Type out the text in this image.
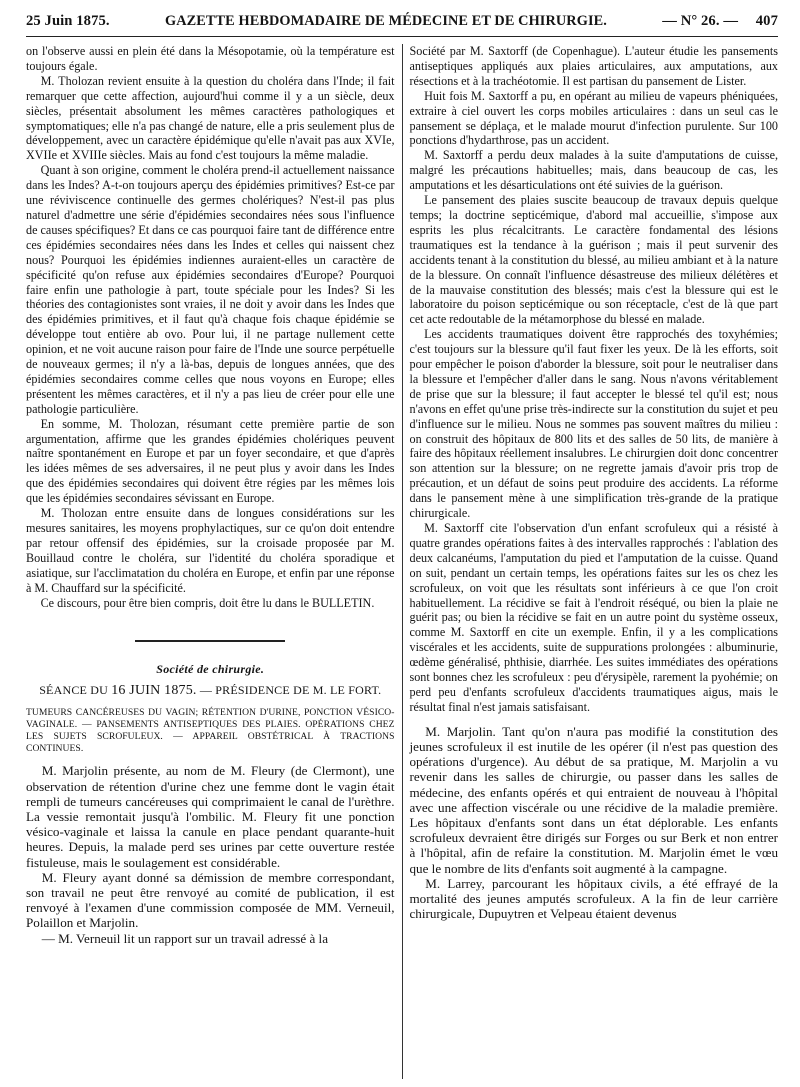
25 Juin 1875.	GAZETTE HEBDOMADAIRE DE MÉDECINE ET DE CHIRURGIE.	— N° 26. — 407

on l'observe aussi en plein été dans la Mésopotamie, où la température est toujours égale.

M. Tholozan revient ensuite à la question du choléra dans l'Inde; il fait remarquer que cette affection, aujourd'hui comme il y a un siècle, deux siècles, présentait absolument les mêmes caractères pathologiques et symptomatiques; elle n'a pas changé de nature, elle a pris seulement plus de développement, avec un caractère épidémique qu'elle n'avait pas aux XVIe, XVIIe et XVIIIe siècles. Mais au fond c'est toujours la même maladie.

Quant à son origine, comment le choléra prend-il actuellement naissance dans les Indes? A-t-on toujours aperçu des épidémies primitives? Est-ce par une réviviscence continuelle des germes cholériques? N'est-il pas plus naturel d'admettre une série d'épidémies secondaires nées sous l'influence de causes spécifiques? Et dans ce cas pourquoi faire tant de différence entre ces épidémies secondaires nées dans les Indes et celles qui naissent chez nous? Pourquoi les épidémies indiennes auraient-elles un caractère de spécificité qu'on refuse aux épidémies secondaires d'Europe? Pourquoi faire enfin une pathologie à part, toute spéciale pour les Indes? Si les théories des contagionistes sont vraies, il ne doit y avoir dans les Indes que des épidémies primitives, et il faut qu'à chaque fois chaque épidémie se développe tout entière ab ovo. Pour lui, il ne partage nullement cette opinion, et ne voit aucune raison pour faire de l'Inde une source perpétuelle de nouveaux germes; il n'y a là-bas, depuis de longues années, que des épidémies secondaires comme celles que nous voyons en Europe; elles présentent les mêmes caractères, et il n'y a pas lieu de créer pour elle une pathologie particulière.

En somme, M. Tholozan, résumant cette première partie de son argumentation, affirme que les grandes épidémies cholériques peuvent naître spontanément en Europe et par un foyer secondaire, et que d'après les idées mêmes de ses adversaires, il ne peut plus y avoir dans les Indes que des épidémies secondaires qui doivent être régies par les mêmes lois que les épidémies secondaires sévissant en Europe.

M. Tholozan entre ensuite dans de longues considérations sur les mesures sanitaires, les moyens prophylactiques, sur ce qu'on doit entendre par retour offensif des épidémies, sur la croisade proposée par M. Bouillaud contre le choléra, sur l'identité du choléra sporadique et asiatique, sur l'acclimatation du choléra en Europe, et enfin par une réponse à M. Chauffard sur la spécificité.

Ce discours, pour être bien compris, doit être lu dans le BULLETIN.

Société de chirurgie.
SÉANCE DU 16 JUIN 1875. — PRÉSIDENCE DE M. LE FORT.
TUMEURS CANCÉREUSES DU VAGIN; RÉTENTION D'URINE, PONCTION VÉSICO-VAGINALE. — PANSEMENTS ANTISEPTIQUES DES PLAIES. OPÉRATIONS CHEZ LES SUJETS SCROFULEUX. — APPAREIL OBSTÉTRICAL À TRACTIONS CONTINUES.

M. Marjolin présente, au nom de M. Fleury (de Clermont), une observation de rétention d'urine chez une femme dont le vagin était rempli de tumeurs cancéreuses qui comprimaient le canal de l'urèthre. La vessie remontait jusqu'à l'ombilic. M. Fleury fit une ponction vésico-vaginale et laissa la canule en place pendant quarante-huit heures. Depuis, la malade perd ses urines par cette ouverture restée fistuleuse, mais le soulagement est considérable.

M. Fleury ayant donné sa démission de membre correspondant, son travail ne peut être renvoyé au comité de publication, il est renvoyé à l'examen d'une commission composée de MM. Verneuil, Polaillon et Marjolin.

— M. Verneuil lit un rapport sur un travail adressé à la

Société par M. Saxtorff (de Copenhague). L'auteur étudie les pansements antiseptiques appliqués aux plaies articulaires, aux amputations, aux résections et à la trachéotomie. Il est partisan du pansement de Lister.

Huit fois M. Saxtorff a pu, en opérant au milieu de vapeurs phéniquées, extraire à ciel ouvert les corps mobiles articulaires : dans un seul cas le pansement se déplaça, et le malade mourut d'infection purulente. Sur 100 ponctions d'hydarthrose, pas un accident.

M. Saxtorff a perdu deux malades à la suite d'amputations de cuisse, malgré les précautions habituelles; mais, dans beaucoup de cas, les amputations et les désarticulations ont été suivies de la guérison.

Le pansement des plaies suscite beaucoup de travaux depuis quelque temps; la doctrine septicémique, d'abord mal accueillie, s'impose aux esprits les plus récalcitrants. Le caractère fondamental des lésions traumatiques est la tendance à la guérison ; mais il peut survenir des accidents tenant à la constitution du blessé, au milieu ambiant et à la nature de la blessure. On connaît l'influence désastreuse des milieux délétères et de la mauvaise constitution des blessés; mais c'est la blessure qui est le laboratoire du poison septicémique ou son réceptacle, c'est de là que part cet acte redoutable de la métamorphose du blessé en malade.

Les accidents traumatiques doivent être rapprochés des toxyhémies; c'est toujours sur la blessure qu'il faut fixer les yeux. De là les efforts, soit pour empêcher le poison d'aborder la blessure, soit pour le neutraliser dans la blessure et l'empêcher d'aller dans le sang. Nous n'avons véritablement de prise que sur la blessure; il faut accepter le blessé tel qu'il est; nous n'avons en effet qu'une prise très-indirecte sur la constitution du sujet et peu d'influence sur le milieu. Nous ne sommes pas souvent maîtres du milieu : on construit des hôpitaux de 800 lits et des salles de 50 lits, de manière à faire des hôpitaux réellement insalubres. Le chirurgien doit donc concentrer son attention sur la blessure; on ne regrette jamais d'avoir pris trop de précaution, et un défaut de soins peut produire des accidents. La réforme dans le pansement mène à une simplification très-grande de la pratique chirurgicale.

M. Saxtorff cite l'observation d'un enfant scrofuleux qui a résisté à quatre grandes opérations faites à des intervalles rapprochés : l'ablation des deux calcanéums, l'amputation du pied et l'amputation de la cuisse. Quand on suit, pendant un certain temps, les opérations faites sur les os chez les scrofuleux, on voit que les résultats sont inférieurs à ce que l'on croit habituellement. La récidive se fait à l'endroit réséqué, ou bien la plaie ne guérit pas; ou bien la récidive se fait en un autre point du système osseux, comme M. Saxtorff en cite un exemple. Enfin, il y a les complications viscérales et les accidents, suite de suppurations prolongées : albuminurie, œdème généralisé, phthisie, diarrhée. Les suites immédiates des opérations sont bonnes chez les scrofuleux : peu d'érysipèle, rarement la pyohémie; on perd peu d'enfants scrofuleux d'accidents traumatiques aigus, mais le résultat final n'est jamais satisfaisant.

M. Marjolin. Tant qu'on n'aura pas modifié la constitution des jeunes scrofuleux il est inutile de les opérer (il n'est pas question des opérations d'urgence). Au début de sa pratique, M. Marjolin a vu revenir dans les salles de chirurgie, ou passer dans les salles de médecine, des enfants opérés et qui entraient de nouveau à l'hôpital avec une affection viscérale ou une récidive de la maladie première. Les hôpitaux d'enfants sont dans un état déplorable. Les enfants scrofuleux devraient être dirigés sur Forges ou sur Berk et non entrer à l'hôpital, afin de refaire la constitution. M. Marjolin émet le vœu que le nombre de lits d'enfants soit augmenté à la campagne.

M. Larrey, parcourant les hôpitaux civils, a été effrayé de la mortalité des jeunes amputés scrofuleux. A la fin de leur carrière chirurgicale, Dupuytren et Velpeau étaient devenus
